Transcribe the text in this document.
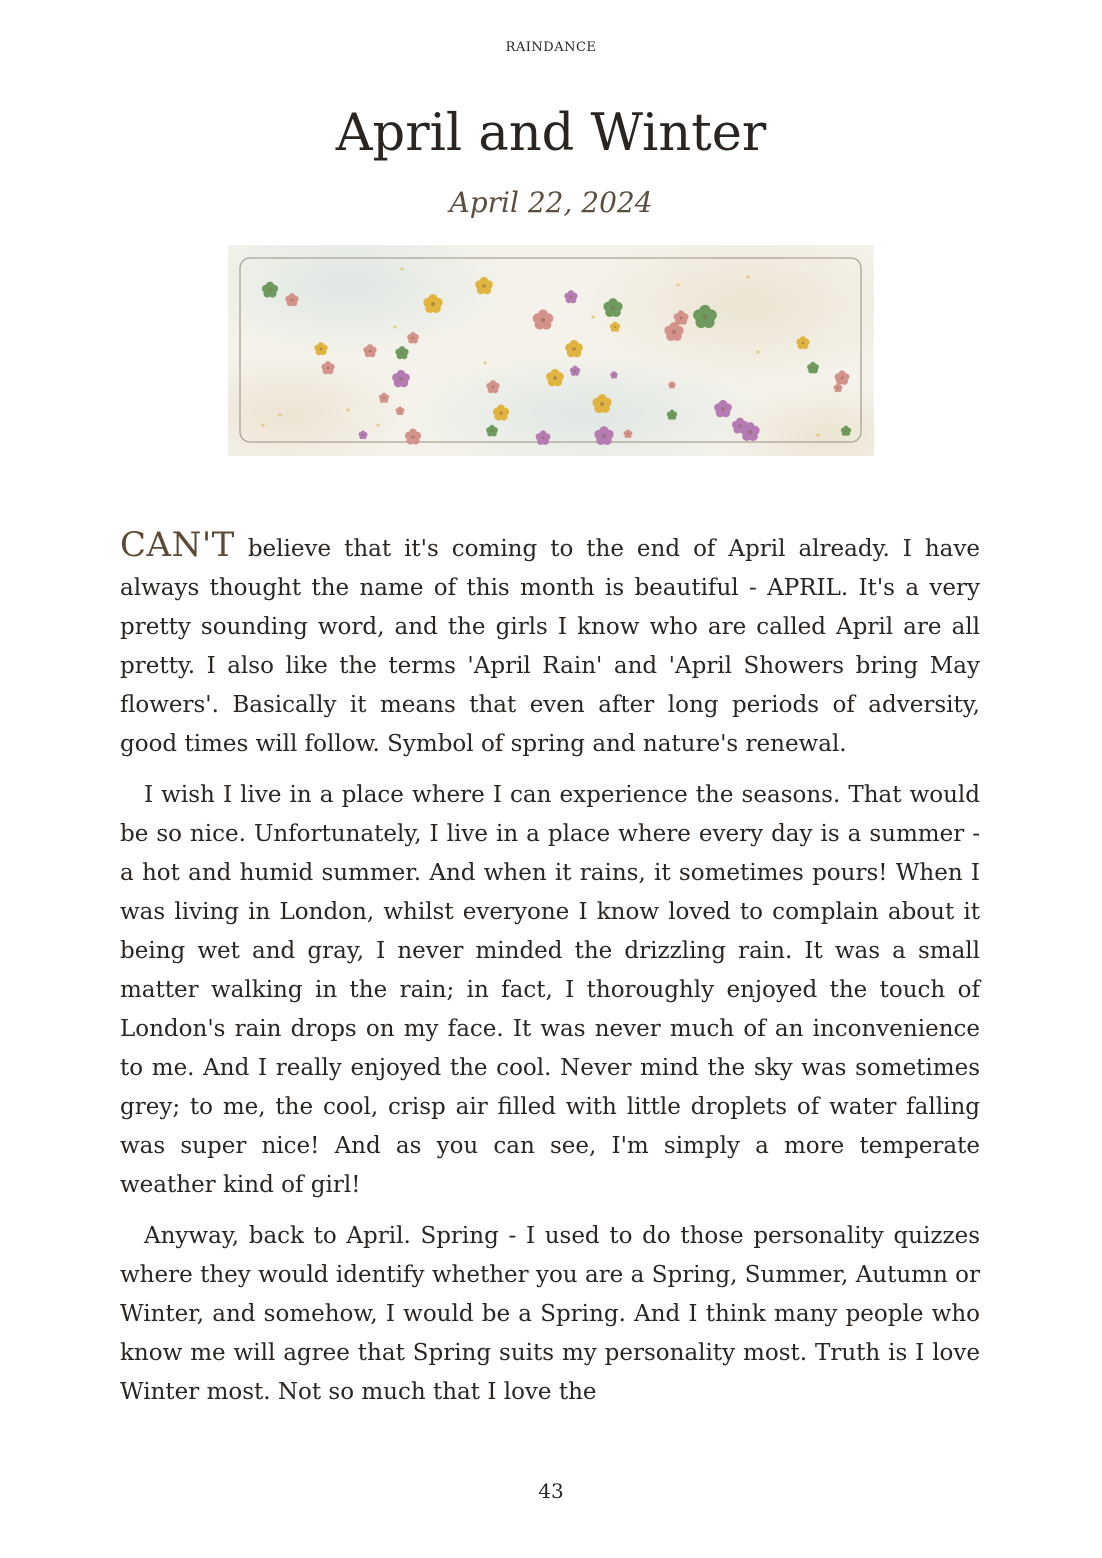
RAINDANCE
April and Winter
April 22, 2024

CAN'T believe that it's coming to the end of April already. I have always thought the name of this month is beautiful - APRIL. It's a very pretty sounding word, and the girls I know who are called April are all pretty. I also like the terms 'April Rain' and 'April Showers bring May flowers'. Basically it means that even after long periods of adversity, good times will follow. Symbol of spring and nature's renewal.

I wish I live in a place where I can experience the seasons. That would be so nice. Unfortunately, I live in a place where every day is a summer - a hot and humid summer. And when it rains, it sometimes pours! When I was living in London, whilst everyone I know loved to complain about it being wet and gray, I never minded the drizzling rain. It was a small matter walking in the rain; in fact, I thoroughly enjoyed the touch of London's rain drops on my face. It was never much of an inconvenience to me. And I really enjoyed the cool. Never mind the sky was sometimes grey; to me, the cool, crisp air filled with little droplets of water falling was super nice! And as you can see, I'm simply a more temperate weather kind of girl!

Anyway, back to April. Spring - I used to do those personality quizzes where they would identify whether you are a Spring, Summer, Autumn or Winter, and somehow, I would be a Spring. And I think many people who know me will agree that Spring suits my personality most. Truth is I love Winter most. Not so much that I love the

43
